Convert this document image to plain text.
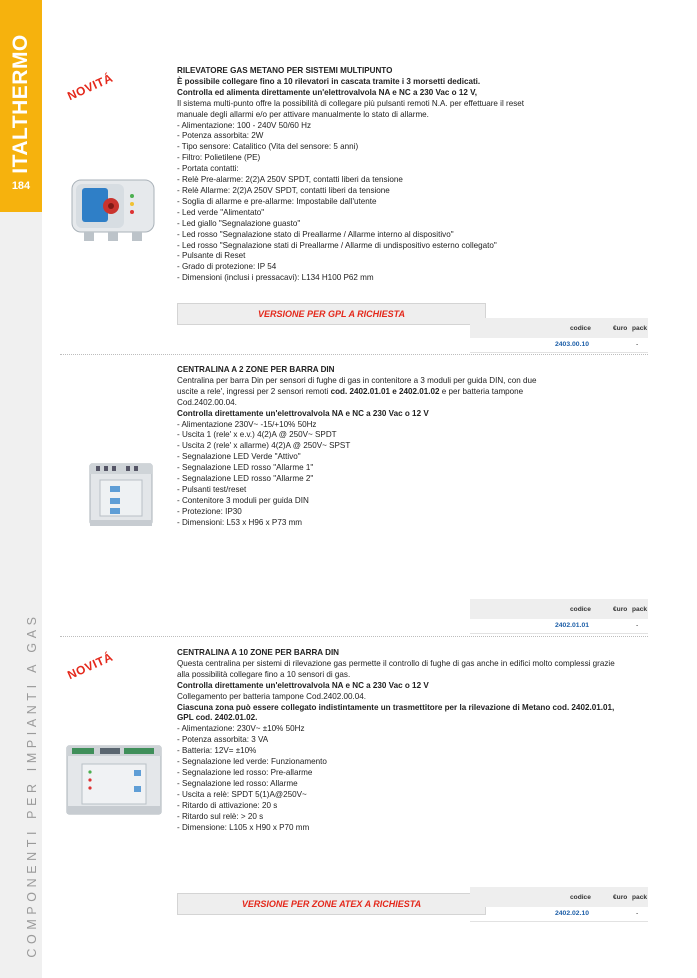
ITALTHERMO
184
COMPONENTI PER IMPIANTI A GAS
NOVITÁ
RILEVATORE GAS METANO PER SISTEMI MULTIPUNTO
È possibile collegare fino a 10 rilevatori in cascata tramite i 3 morsetti dedicati.
Controlla ed alimenta direttamente un'elettrovalvola NA e NC a 230 Vac o 12 V,
Il sistema multi-punto offre la possibilità di collegare più pulsanti remoti N.A. per effettuare il reset manuale degli allarmi e/o per attivare manualmente lo stato di allarme.
- Alimentazione: 100 - 240V 50/60 Hz
- Potenza assorbita: 2W
- Tipo sensore: Catalitico (Vita del sensore: 5 anni)
- Filtro: Polietilene (PE)
- Portata contatti:
- Relè Pre-alarme: 2(2)A 250V SPDT, contatti liberi da tensione
- Relè Allarme: 2(2)A 250V SPDT, contatti liberi da tensione
- Soglia di allarme e pre-allarme: Impostabile dall'utente
- Led verde "Alimentato"
- Led giallo "Segnalazione guasto"
- Led rosso "Segnalazione stato di Preallarme / Allarme interno al dispositivo"
- Led rosso "Segnalazione stati di Preallarme / Allarme di undispositivo esterno collegato"
- Pulsante di Reset
- Grado di protezione: IP 54
- Dimensioni (inclusi i pressacavi): L134 H100 P62 mm
VERSIONE PER GPL A RICHIESTA
codice	€uro pack
2403.00.10	-
CENTRALINA A 2 ZONE PER BARRA DIN
Centralina per barra Din per sensori di fughe di gas in contenitore a 3 moduli per guida DIN, con due uscite a rele', ingressi per 2 sensori remoti cod. 2402.01.01 e 2402.01.02 e per batteria tampone Cod.2402.00.04.
Controlla direttamente un'elettrovalvola NA e NC a 230 Vac o 12 V
- Alimentazione 230V~ -15/+10% 50Hz
- Uscita 1 (rele' x e.v.) 4(2)A @ 250V~ SPDT
- Uscita 2 (rele' x allarme) 4(2)A @ 250V~ SPST
- Segnalazione LED Verde "Attivo"
- Segnalazione LED rosso "Allarme 1"
- Segnalazione LED rosso "Allarme 2"
- Pulsanti test/reset
- Contenitore 3 moduli per guida DIN
- Protezione: IP30
- Dimensioni: L53 x H96 x P73 mm
codice	€uro pack
2402.01.01	-
NOVITÁ	CENTRALINA A 10 ZONE PER BARRA DIN
Questa centralina per sistemi di rilevazione gas permette il controllo di fughe di gas anche in edifici molto complessi grazie alla possibilità collegare fino a 10 sensori di gas.
Controlla direttamente un'elettrovalvola NA e NC a 230 Vac o 12 V
Collegamento per batteria tampone Cod.2402.00.04.
Ciascuna zona può essere collegato indistintamente un trasmettitore per la rilevazione di Metano cod. 2402.01.01, GPL cod. 2402.01.02.
- Alimentazione: 230V~ ±10% 50Hz
- Potenza assorbita: 3 VA
- Batteria: 12V= ±10%
- Segnalazione led verde: Funzionamento
- Segnalazione led rosso: Pre-allarme
- Segnalazione led rosso: Allarme
- Uscita a relè: SPDT 5(1)A@250V~
- Ritardo di attivazione: 20 s
- Ritardo sul relè: > 20 s
- Dimensione: L105 x H90 x P70 mm
VERSIONE PER ZONE ATEX A RICHIESTA
codice	€uro pack
2402.02.10	-
